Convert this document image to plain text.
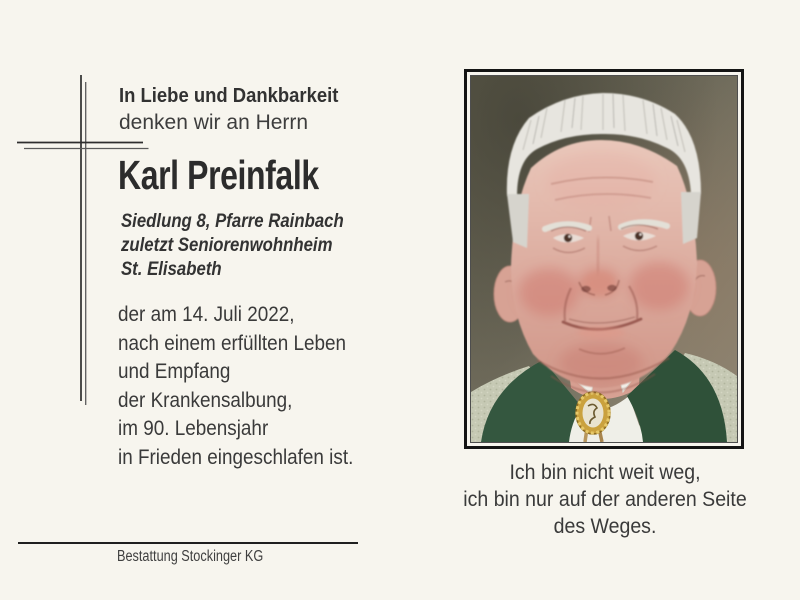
In Liebe und Dankbarkeit
denken wir an Herrn
Karl Preinfalk
Siedlung 8, Pfarre Rainbach
zuletzt Seniorenwohnheim
St. Elisabeth
der am 14. Juli 2022,
nach einem erfüllten Leben
und Empfang
der Krankensalbung,
im 90. Lebensjahr
in Frieden eingeschlafen ist.
Bestattung Stockinger KG
Ich bin nicht weit weg,
ich bin nur auf der anderen Seite
des Weges.
